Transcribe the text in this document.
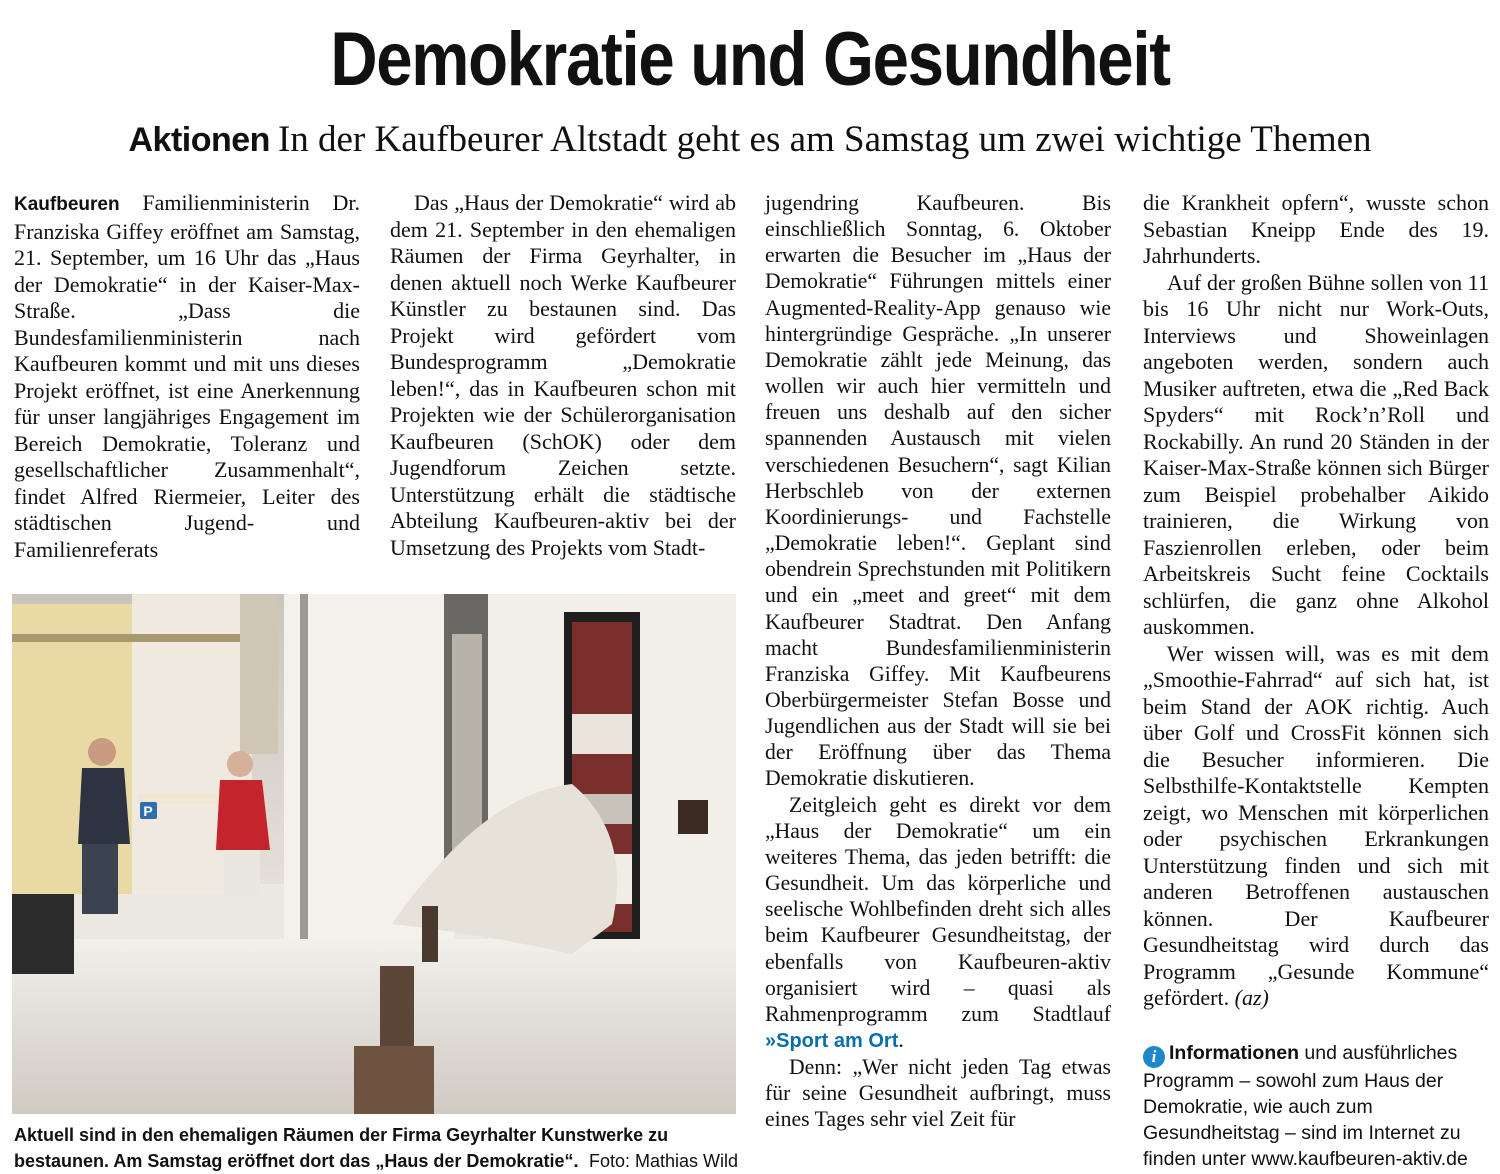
Demokratie und Gesundheit
Aktionen In der Kaufbeurer Altstadt geht es am Samstag um zwei wichtige Themen

Kaufbeuren Familienministerin Dr. Franziska Giffey eröffnet am Samstag, 21. September, um 16 Uhr das „Haus der Demokratie“ in der Kaiser-Max-Straße. „Dass die Bundesfamilienministerin nach Kaufbeuren kommt und mit uns dieses Projekt eröffnet, ist eine Anerkennung für unser langjähriges Engagement im Bereich Demokratie, Toleranz und gesellschaftlicher Zusammenhalt“, findet Alfred Riermeier, Leiter des städtischen Jugend- und Familienreferats

Das „Haus der Demokratie“ wird ab dem 21. September in den ehemaligen Räumen der Firma Geyrhalter, in denen aktuell noch Werke Kaufbeurer Künstler zu bestaunen sind. Das Projekt wird gefördert vom Bundesprogramm „Demokratie leben!“, das in Kaufbeuren schon mit Projekten wie der Schülerorganisation Kaufbeuren (SchOK) oder dem Jugendforum Zeichen setzte. Unterstützung erhält die städtische Abteilung Kaufbeuren-aktiv bei der Umsetzung des Projekts vom Stadt-

jugendring Kaufbeuren. Bis einschließlich Sonntag, 6. Oktober erwarten die Besucher im „Haus der Demokratie“ Führungen mittels einer Augmented-Reality-App genauso wie hintergründige Gespräche. „In unserer Demokratie zählt jede Meinung, das wollen wir auch hier vermitteln und freuen uns deshalb auf den sicher spannenden Austausch mit vielen verschiedenen Besuchern“, sagt Kilian Herbschleb von der externen Koordinierungs- und Fachstelle „Demokratie leben!“. Geplant sind obendrein Sprechstunden mit Politikern und ein „meet and greet“ mit dem Kaufbeurer Stadtrat. Den Anfang macht Bundesfamilienministerin Franziska Giffey. Mit Kaufbeurens Oberbürgermeister Stefan Bosse und Jugendlichen aus der Stadt will sie bei der Eröffnung über das Thema Demokratie diskutieren.

Zeitgleich geht es direkt vor dem „Haus der Demokratie“ um ein weiteres Thema, das jeden betrifft: die Gesundheit. Um das körperliche und seelische Wohlbefinden dreht sich alles beim Kaufbeurer Gesundheitstag, der ebenfalls von Kaufbeuren-aktiv organisiert wird – quasi als Rahmenprogramm zum Stadtlauf »Sport am Ort.

Denn: „Wer nicht jeden Tag etwas für seine Gesundheit aufbringt, muss eines Tages sehr viel Zeit für

die Krankheit opfern“, wusste schon Sebastian Kneipp Ende des 19. Jahrhunderts.

Auf der großen Bühne sollen von 11 bis 16 Uhr nicht nur Work-Outs, Interviews und Showeinlagen angeboten werden, sondern auch Musiker auftreten, etwa die „Red Back Spyders“ mit Rock’n’Roll und Rockabilly. An rund 20 Ständen in der Kaiser-Max-Straße können sich Bürger zum Beispiel probehalber Aikido trainieren, die Wirkung von Faszienrollen erleben, oder beim Arbeitskreis Sucht feine Cocktails schlürfen, die ganz ohne Alkohol auskommen.

Wer wissen will, was es mit dem „Smoothie-Fahrrad“ auf sich hat, ist beim Stand der AOK richtig. Auch über Golf und CrossFit können sich die Besucher informieren. Die Selbsthilfe-Kontaktstelle Kempten zeigt, wo Menschen mit körperlichen oder psychischen Erkrankungen Unterstützung finden und sich mit anderen Betroffenen austauschen können. Der Kaufbeurer Gesundheitstag wird durch das Programm „Gesunde Kommune“ gefördert. (az)

i Informationen und ausführliches Programm – sowohl zum Haus der Demokratie, wie auch zum Gesundheitstag – sind im Internet zu finden unter www.kaufbeuren-aktiv.de
P
Aktuell sind in den ehemaligen Räumen der Firma Geyrhalter Kunstwerke zu bestaunen. Am Samstag eröffnet dort das „Haus der Demokratie“. Foto: Mathias Wild
